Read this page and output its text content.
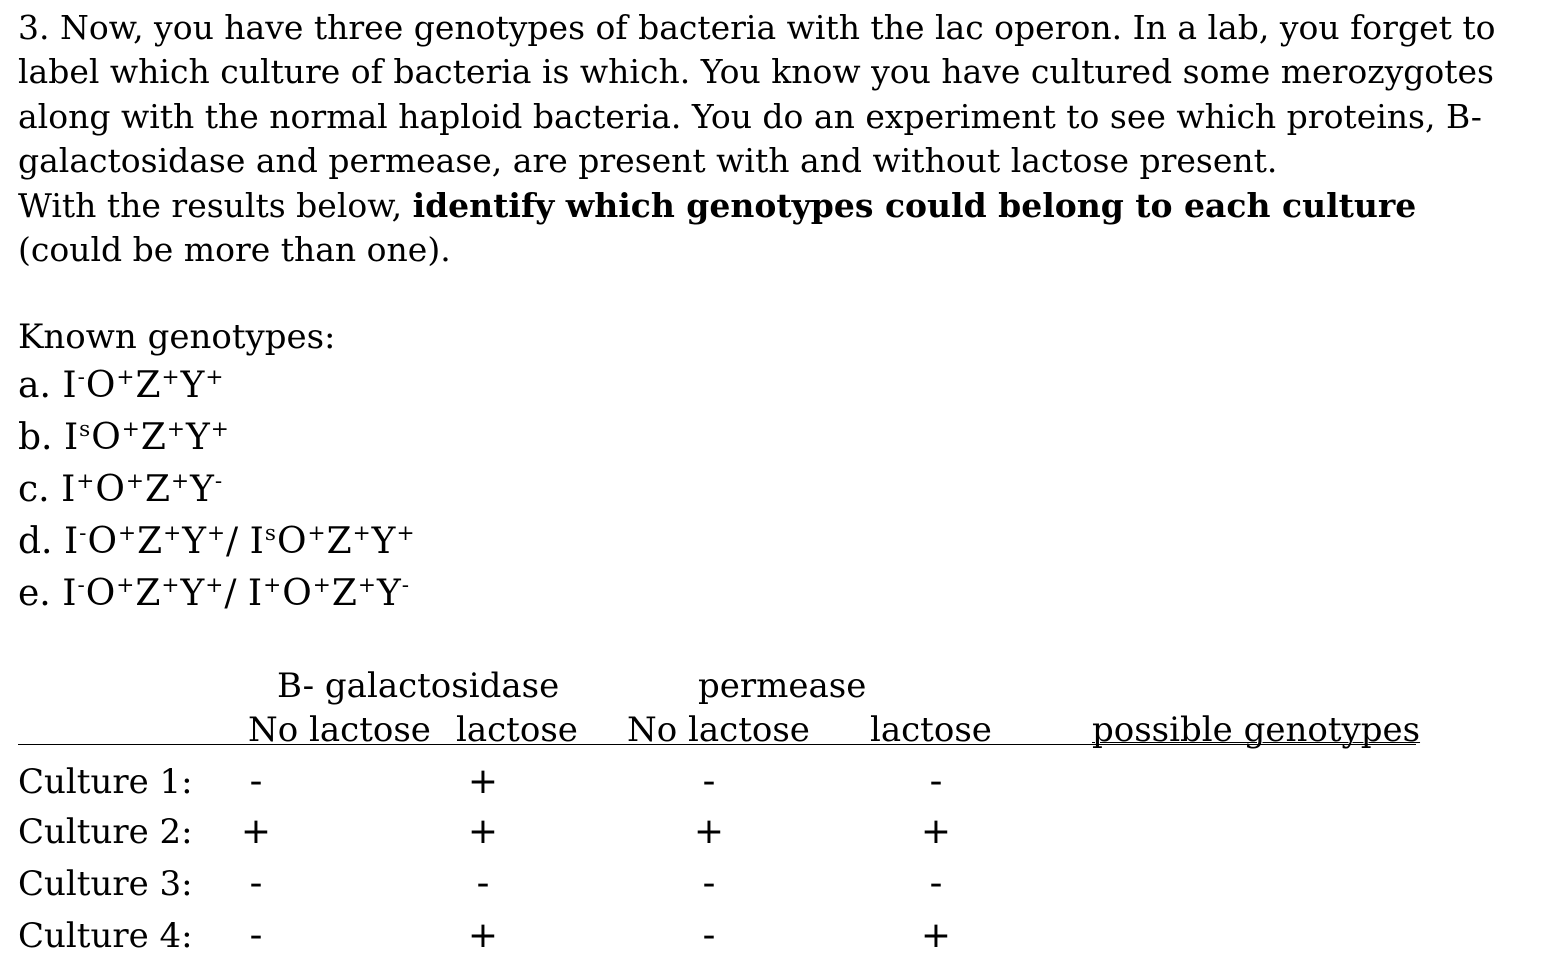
3. Now, you have three genotypes of bacteria with the lac operon. In a lab, you forget to label which culture of bacteria is which. You know you have cultured some merozygotes along with the normal haploid bacteria. You do an experiment to see which proteins, B-galactosidase and permease, are present with and without lactose present.

With the results below, identify which genotypes could belong to each culture (could be more than one).

Known genotypes:
a. I-O+Z+Y+
b. $I^sO^+Z^+Y^+$
c. I+O+Z+Y-
d. I-O+Z+Y+/ $I^sO^+Z^+Y^+$
e. I-O+Z+Y+/ I+O+Z+Y-
B- galactosidase	permease
No lactose lactose No lactose lactose	possible genotypes
Culture 1:	-	+	-	-
Culture 2: +	+	+	+
Culture 3:	-	-	-	-
Culture 4:	-	+	-	+
